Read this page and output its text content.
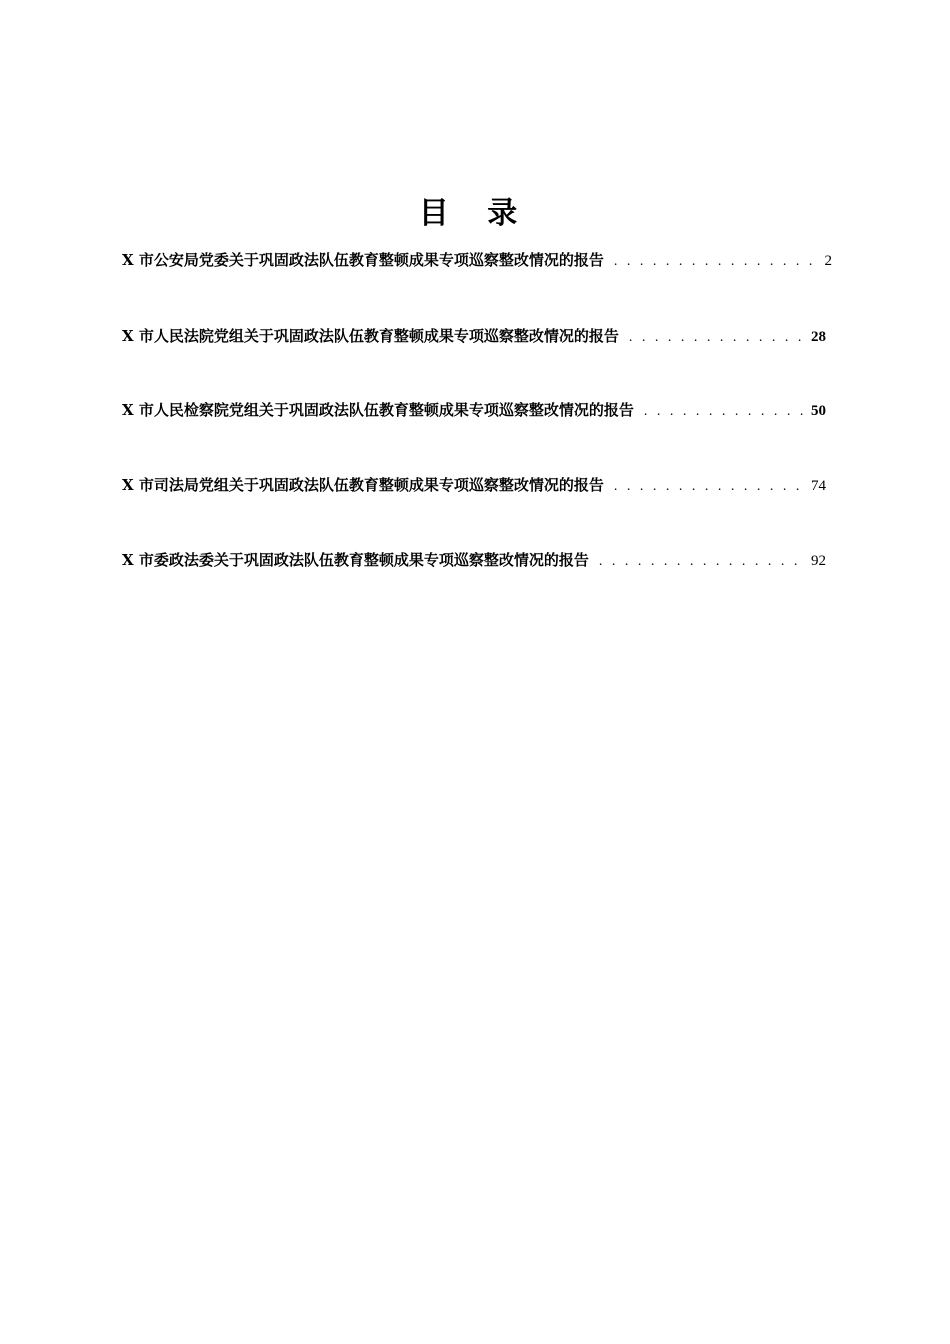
目 录
X 市公安局党委关于巩固政法队伍教育整顿成果专项巡察整改情况的报告 . . .	2
X 市人民法院党组关于巩固政法队伍教育整顿成果专项巡察整改情况的报告 . . .	28
X 市人民检察院党组关于巩固政法队伍教育整顿成果专项巡察整改情况的报告 . . .	50
X 市司法局党组关于巩固政法队伍教育整顿成果专项巡察整改情况的报告 . . .	74
X 市委政法委关于巩固政法队伍教育整顿成果专项巡察整改情况的报告 . . .	92
